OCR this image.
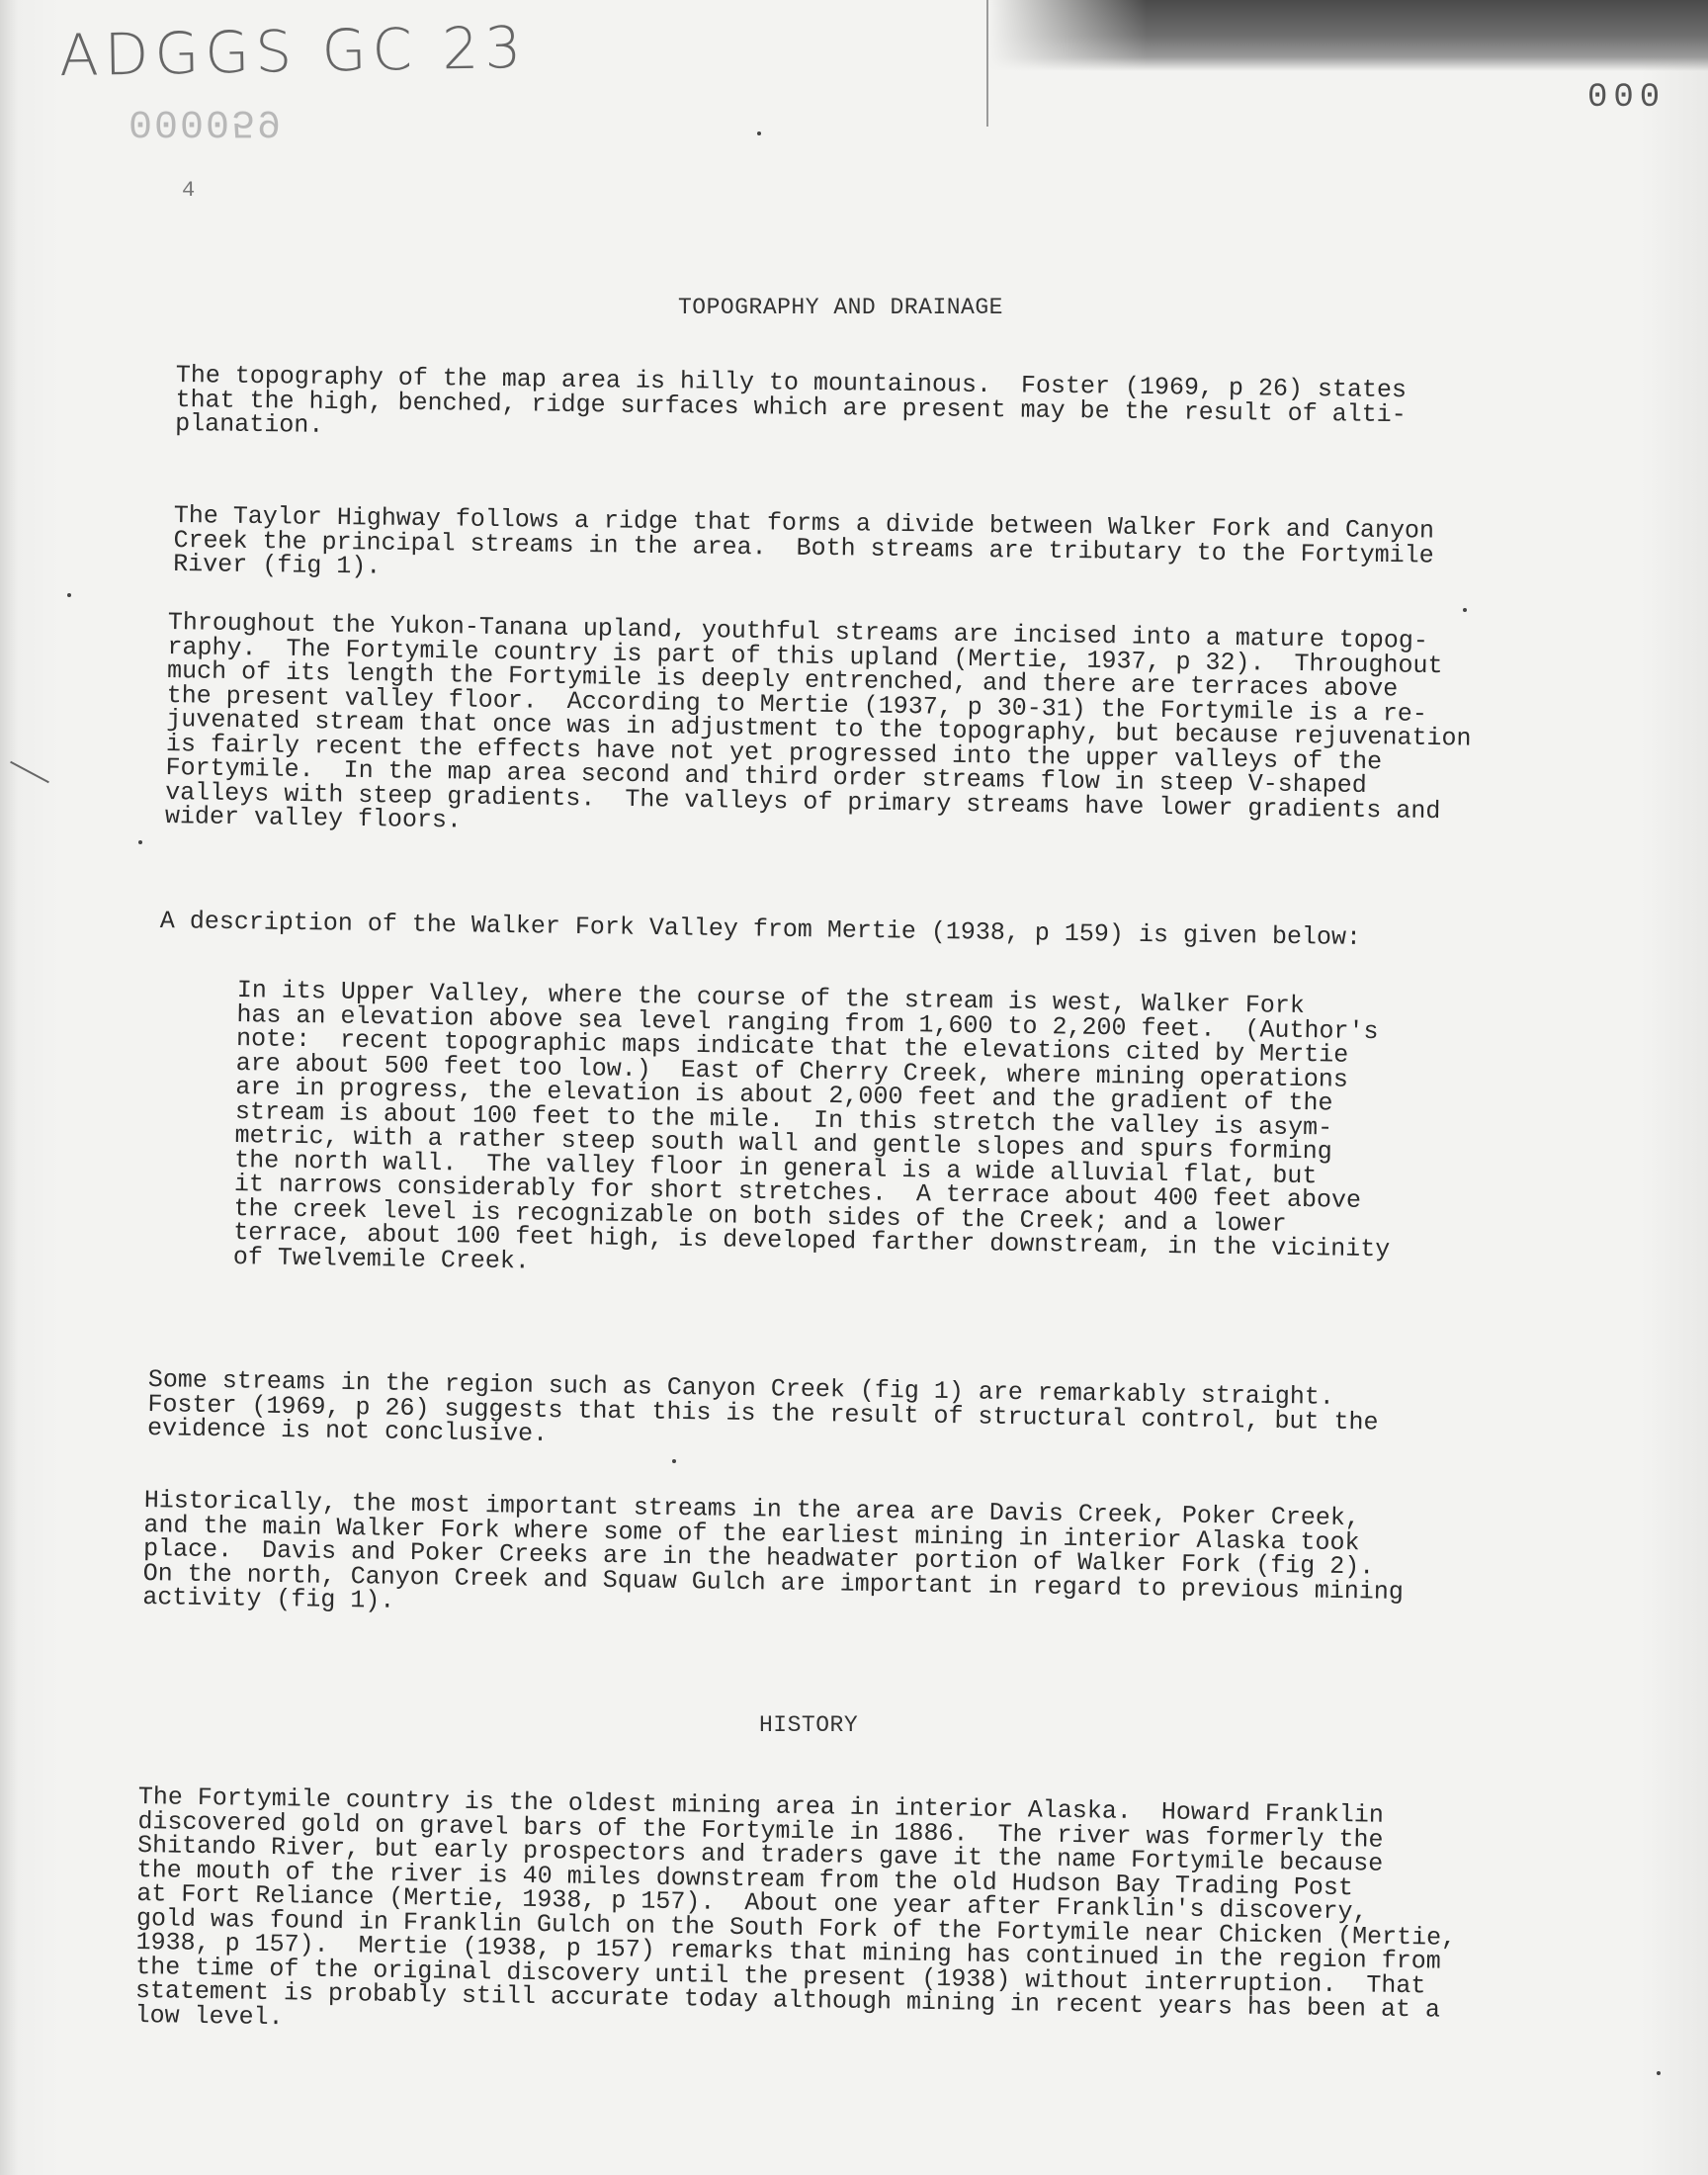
000
ADGGS GC 23
000059
4
TOPOGRAPHY AND DRAINAGE
The topography of the map area is hilly to mountainous.  Foster (1969, p 26) states
that the high, benched, ridge surfaces which are present may be the result of alti-
planation.
The Taylor Highway follows a ridge that forms a divide between Walker Fork and Canyon
Creek the principal streams in the area.  Both streams are tributary to the Fortymile
River (fig 1).
Throughout the Yukon-Tanana upland, youthful streams are incised into a mature topog-
raphy.  The Fortymile country is part of this upland (Mertie, 1937, p 32).  Throughout
much of its length the Fortymile is deeply entrenched, and there are terraces above
the present valley floor.  According to Mertie (1937, p 30-31) the Fortymile is a re-
juvenated stream that once was in adjustment to the topography, but because rejuvenation
is fairly recent the effects have not yet progressed into the upper valleys of the
Fortymile.  In the map area second and third order streams flow in steep V-shaped
valleys with steep gradients.  The valleys of primary streams have lower gradients and
wider valley floors.
A description of the Walker Fork Valley from Mertie (1938, p 159) is given below:
In its Upper Valley, where the course of the stream is west, Walker Fork
has an elevation above sea level ranging from 1,600 to 2,200 feet.  (Author's
note:  recent topographic maps indicate that the elevations cited by Mertie
are about 500 feet too low.)  East of Cherry Creek, where mining operations
are in progress, the elevation is about 2,000 feet and the gradient of the
stream is about 100 feet to the mile.  In this stretch the valley is asym-
metric, with a rather steep south wall and gentle slopes and spurs forming
the north wall.  The valley floor in general is a wide alluvial flat, but
it narrows considerably for short stretches.  A terrace about 400 feet above
the creek level is recognizable on both sides of the Creek; and a lower
terrace, about 100 feet high, is developed farther downstream, in the vicinity
of Twelvemile Creek.
Some streams in the region such as Canyon Creek (fig 1) are remarkably straight.
Foster (1969, p 26) suggests that this is the result of structural control, but the
evidence is not conclusive.
Historically, the most important streams in the area are Davis Creek, Poker Creek,
and the main Walker Fork where some of the earliest mining in interior Alaska took
place.  Davis and Poker Creeks are in the headwater portion of Walker Fork (fig 2).
On the north, Canyon Creek and Squaw Gulch are important in regard to previous mining
activity (fig 1).
HISTORY
The Fortymile country is the oldest mining area in interior Alaska.  Howard Franklin
discovered gold on gravel bars of the Fortymile in 1886.  The river was formerly the
Shitando River, but early prospectors and traders gave it the name Fortymile because
the mouth of the river is 40 miles downstream from the old Hudson Bay Trading Post
at Fort Reliance (Mertie, 1938, p 157).  About one year after Franklin's discovery,
gold was found in Franklin Gulch on the South Fork of the Fortymile near Chicken (Mertie,
1938, p 157).  Mertie (1938, p 157) remarks that mining has continued in the region from
the time of the original discovery until the present (1938) without interruption.  That
statement is probably still accurate today although mining in recent years has been at a
low level.
